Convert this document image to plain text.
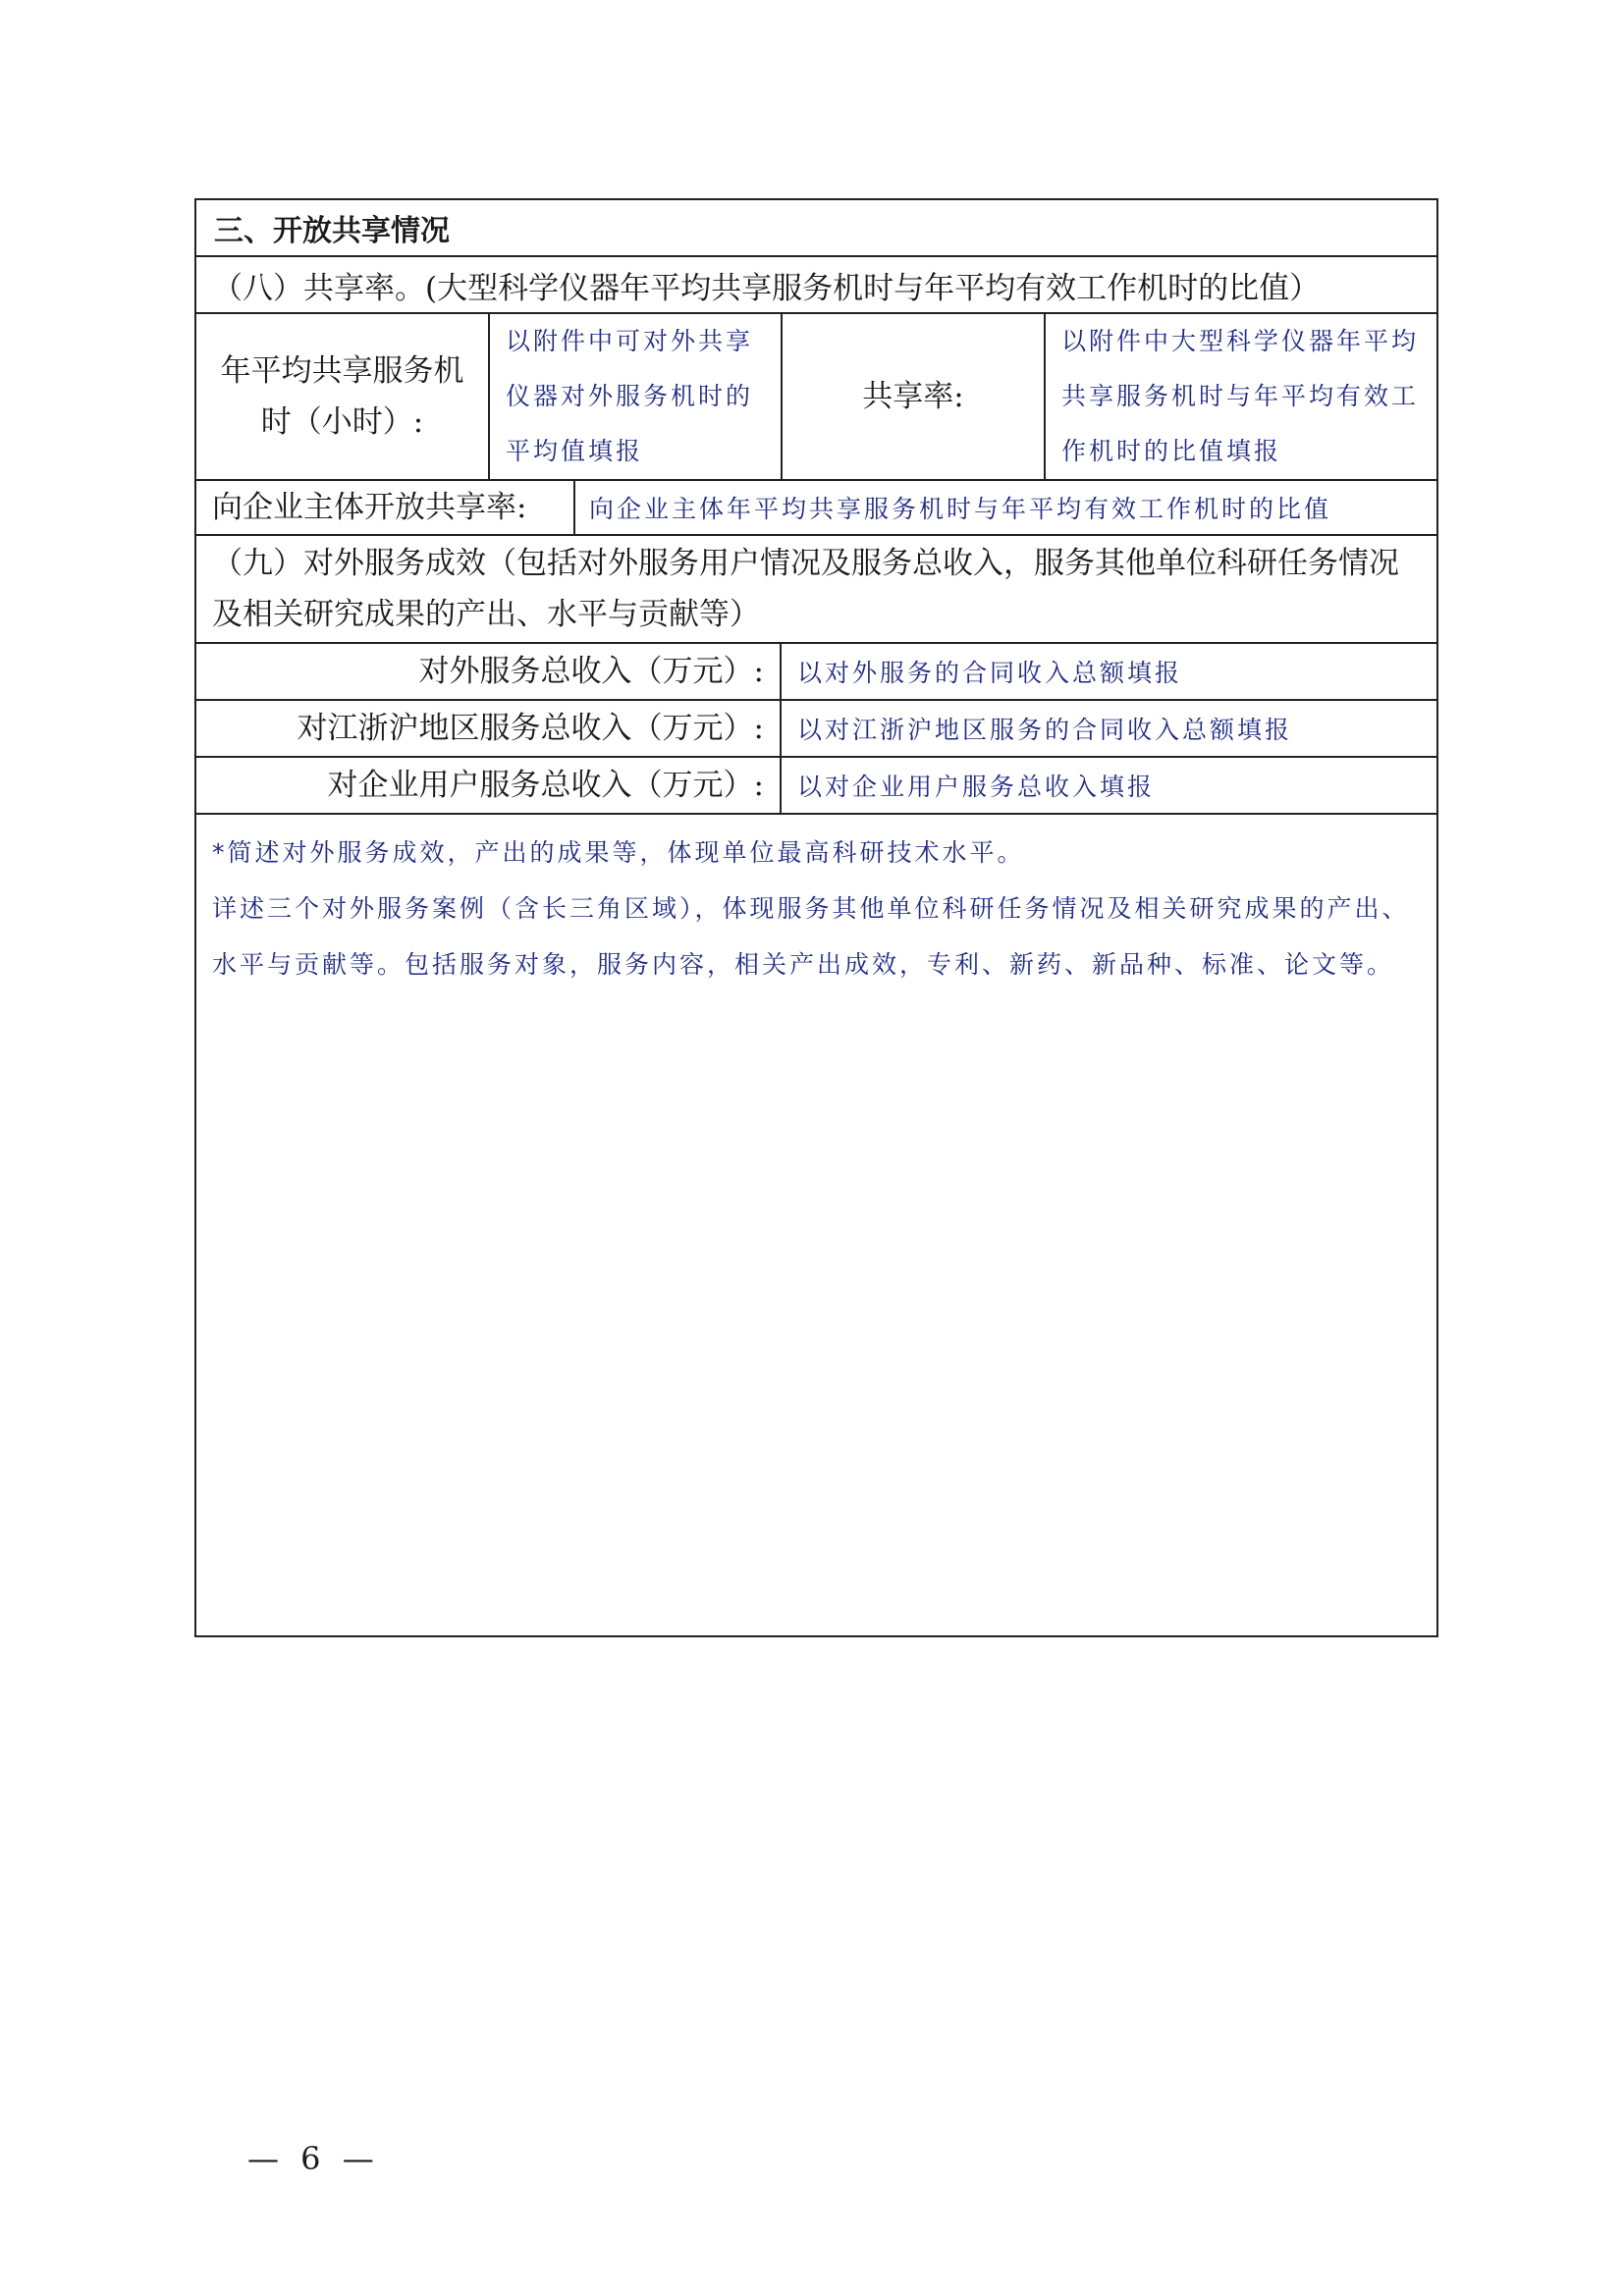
三、开放共享情况
（八）共享率。(大型科学仪器年平均共享服务机时与年平均有效工作机时的比值）
年平均共享服务机时（小时）:
以附件中可对外共享仪器对外服务机时的平均值填报
共享率:
以附件中大型科学仪器年平均共享服务机时与年平均有效工作机时的比值填报
向企业主体开放共享率:	向企业主体年平均共享服务机时与年平均有效工作机时的比值
（九）对外服务成效（包括对外服务用户情况及服务总收入，服务其他单位科研任务情况及相关研究成果的产出、水平与贡献等）
对外服务总收入（万元）:	以对外服务的合同收入总额填报
对江浙沪地区服务总收入（万元）:	以对江浙沪地区服务的合同收入总额填报
对企业用户服务总收入（万元）:	以对企业用户服务总收入填报
*简述对外服务成效，产出的成果等，体现单位最高科研技术水平。
详述三个对外服务案例（含长三角区域），体现服务其他单位科研任务情况及相关研究成果的产出、水平与贡献等。包括服务对象，服务内容，相关产出成效，专利、新药、新品种、标准、论文等。
— 6 —
